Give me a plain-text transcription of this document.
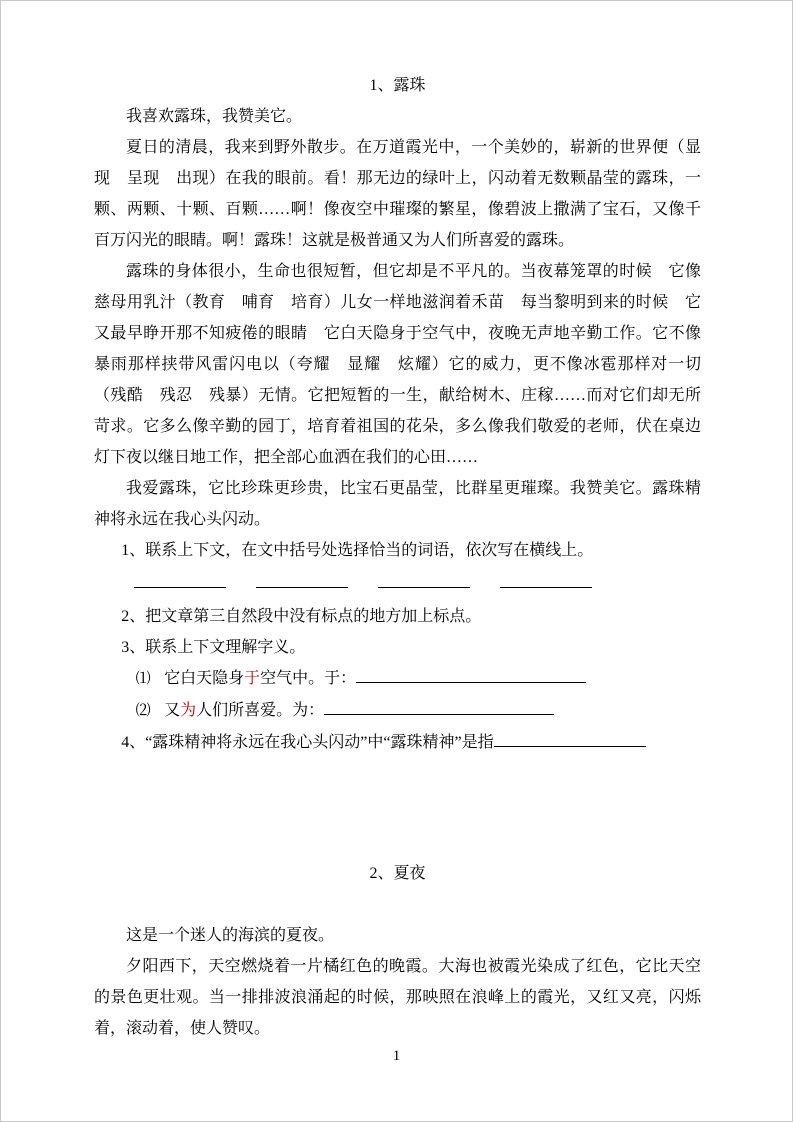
1、露珠

我喜欢露珠，我赞美它。

夏日的清晨，我来到野外散步。在万道霞光中，一个美妙的，崭新的世界便（显现　呈现　出现）在我的眼前。看！那无边的绿叶上，闪动着无数颗晶莹的露珠，一颗、两颗、十颗、百颗……啊！像夜空中璀璨的繁星，像碧波上撒满了宝石，又像千百万闪光的眼睛。啊！露珠！这就是极普通又为人们所喜爱的露珠。

露珠的身体很小，生命也很短暂，但它却是不平凡的。当夜幕笼罩的时候　它像慈母用乳汁（教育　哺育　培育）儿女一样地滋润着禾苗　每当黎明到来的时候　它又最早睁开那不知疲倦的眼睛　它白天隐身于空气中，夜晚无声地辛勤工作。它不像暴雨那样挟带风雷闪电以（夸耀　显耀　炫耀）它的威力，更不像冰雹那样对一切（残酷　残忍　残暴）无情。它把短暂的一生，献给树木、庄稼……而对它们却无所苛求。它多么像辛勤的园丁，培育着祖国的花朵，多么像我们敬爱的老师，伏在桌边灯下夜以继日地工作，把全部心血洒在我们的心田……

我爱露珠，它比珍珠更珍贵，比宝石更晶莹，比群星更璀璨。我赞美它。露珠精神将永远在我心头闪动。

1、联系上下文，在文中括号处选择恰当的词语，依次写在横线上。

2、把文章第三自然段中没有标点的地方加上标点。

3、联系上下文理解字义。

⑴ 它白天隐身于空气中。于：

⑵ 又为人们所喜爱。为：

4、“露珠精神将永远在我心头闪动”中“露珠精神”是指

2、夏夜

这是一个迷人的海滨的夏夜。

夕阳西下，天空燃烧着一片橘红色的晚霞。大海也被霞光染成了红色，它比天空的景色更壮观。当一排排波浪涌起的时候，那映照在浪峰上的霞光，又红又亮，闪烁着，滚动着，使人赞叹。

1
